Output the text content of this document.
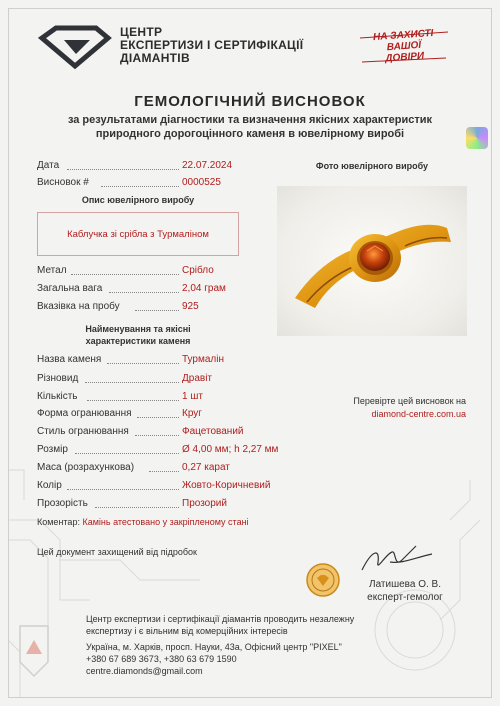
ЦЕНТР
ЕКСПЕРТИЗИ І СЕРТИФІКАЦІЇ
ДІАМАНТІВ
НА ЗАХИСТІ
ВАШОЇ
ДОВІРИ
ГЕМОЛОГІЧНИЙ ВИСНОВОК
за результатами діагностики та визначення якісних характеристик
природного дорогоцінного каменя в ювелірному виробі
Дата	22.07.2024
Висновок #	0000525
Опис ювелірного виробу
Каблучка зі срібла з Турмаліном
Метал	Срібло
Загальна вага	2,04 грам
Вказівка на пробу	925
Найменування та якісні
характеристики каменя
Назва каменя	Турмалін
Різновид	Дравіт
Кількість	1 шт
Форма огранювання	Круг
Стиль огранювання	Фацетований
Розмір	Ø 4,00 мм; h 2,27 мм
Маса (розрахункова)	0,27 карат
Колір	Жовто-Коричневий
Прозорість	Прозорий
Коментар: Камінь атестовано у закріпленому стані
Фото ювелірного виробу
Перевірте цей висновок на
diamond-centre.com.ua
Цей документ захищений від підробок
Латишева О. В.
експерт-гемолог
Центр експертизи і сертифікації діамантів проводить незалежну
експертизу і є вільним від комерційних інтересів
Україна, м. Харків, просп. Науки, 43а, Офісний центр "PIXEL"
+380 67 689 3673, +380 63 679 1590
centre.diamonds@gmail.com
